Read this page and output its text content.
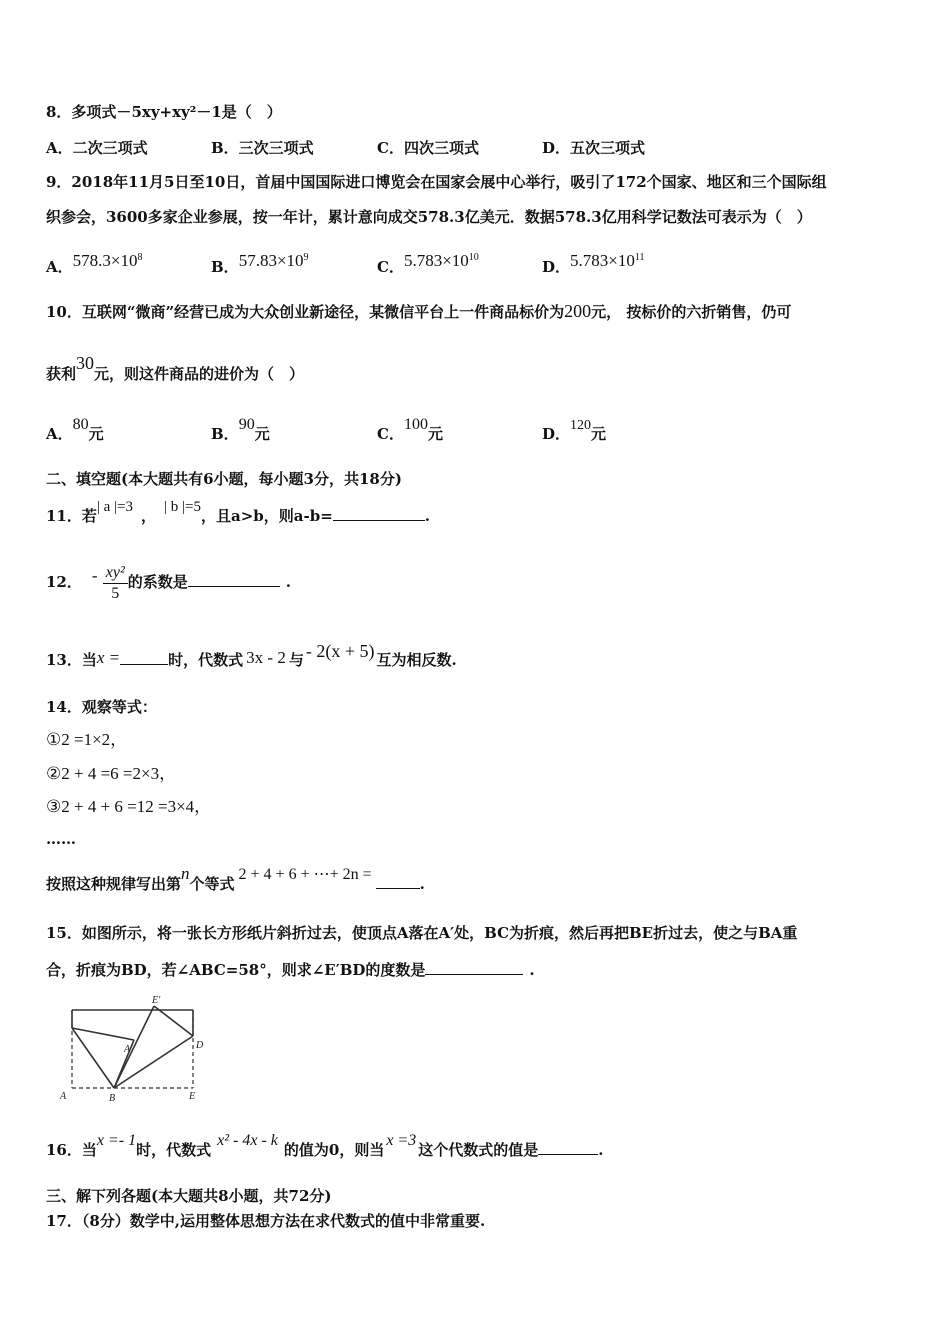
8．多项式－5xy+xy²－1是（　）
A．二次三项式	B．三次三项式	C．四次三项式	D．五次三项式
9．2018年11月5日至10日，首届中国国际进口博览会在国家会展中心举行，吸引了172个国家、地区和三个国际组
织参会，3600多家企业参展，按一年计，累计意向成交578.3亿美元．数据578.3亿用科学记数法可表示为（　）
A．$578.3\times 10^8$
B．$57.83\times 10^9$
C．$5.783\times 10^{10}$
D．$5.783\times 10^{11}$
10．互联网“微商”经营已成为大众创业新途径，某微信平台上一件商品标价为200元， 按标价的六折销售，仍可
获利30元，则这件商品的进价为（　）
A．80元	B．90元	C．100元	D．120元
二、填空题(本大题共有6小题，每小题3分，共18分)
11．若| a |=3 ， | b |=5，且a>b，则a-b=	.
12． - $\frac{\text{xy²}}{5}$ 的系数是	.
13．当x =	时，代数式 3x - 2 与 - 2(x + 5) 互为相反数.
14．观察等式：
①2 =1×2，
②2 + 4 =6 =2×3，
③2 + 4 + 6 =12 =3×4，
……
按照这种规律写出第n个等式2 + 4 + 6 + ⋯+ 2n =.
15．如图所示，将一张长方形纸片斜折过去，使顶点A落在A′处，BC为折痕，然后再把BE折过去，使之与BA重
合，折痕为BD，若∠ABC=58°，则求∠E′BD的度数是	.
A	B	E
D
A'
E'
16．当x =- 1时，代数式x² - 4x - k的值为0，则当x =3这个代数式的值是	.
三、解下列各题(本大题共8小题，共72分)
17．（8分）数学中,运用整体思想方法在求代数式的值中非常重要.
